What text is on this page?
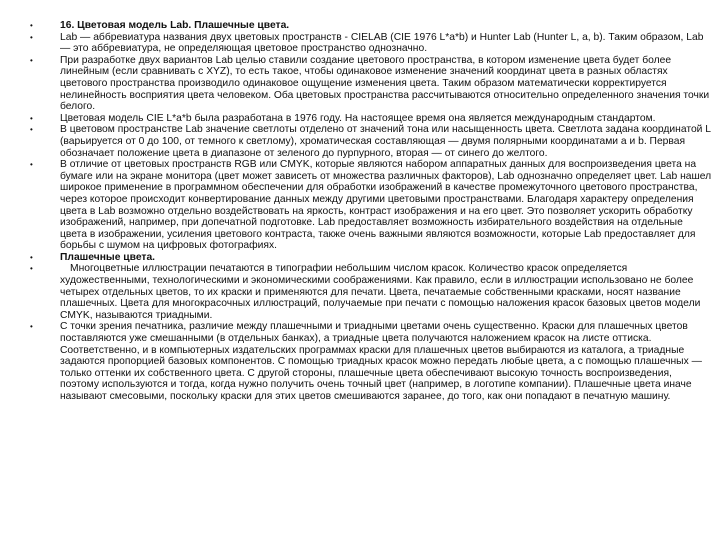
•	16. Цветовая модель Lab. Плашечные цвета.
•	Lab — аббревиатура названия двух цветовых пространств - CIELAB (CIE 1976 L*a*b) и Hunter Lab (Hunter L, a, b). Таким образом, Lab — это аббревиатура, не определяющая цветовое пространство однозначно.
•	При разработке двух вариантов Lab целью ставили создание цветового пространства, в котором изменение цвета будет более линейным (если сравнивать с XYZ), то есть такое, чтобы одинаковое изменение значений координат цвета в разных областях цветового пространства производило одинаковое ощущение изменения цвета. Таким образом математически корректируется нелинейность восприятия цвета человеком. Оба цветовых пространства рассчитываются относительно определенного значения точки белого.
•	Цветовая модель CIE L*a*b была разработана в 1976 году. На настоящее время она является международным стандартом.
•	В цветовом пространстве Lab значение светлоты отделено от значений тона или насыщенность цвета. Светлота задана координатой L (варьируется от 0 до 100, от темного к светлому), хроматическая составляющая — двумя полярными координатами a и b. Первая обозначает положение цвета в диапазоне от зеленого до пурпурного, вторая — от синего до желтого.
•	В отличие от цветовых пространств RGB или CMYK, которые являются набором аппаратных данных для воспроизведения цвета на бумаге или на экране монитора (цвет может зависеть от множества различных факторов), Lab однозначно определяет цвет. Lab нашел широкое применение в программном обеспечении для обработки изображений в качестве промежуточного цветового пространства, через которое происходит конвертирование данных между другими цветовыми пространствами. Благодаря характеру определения цвета в Lab возможно отдельно воздействовать на яркость, контраст изображения и на его цвет. Это позволяет ускорить обработку изображений, например, при допечатной подготовке. Lab предоставляет возможность избирательного воздействия на отдельные цвета в изображении, усиления цветового контраста, также очень важными являются возможности, которые Lab предоставляет для борьбы с шумом на цифровых фотографиях.
•	Плашечные цвета.
•	Многоцветные иллюстрации печатаются в типографии небольшим числом красок. Количество красок определяется художественными, технологическими и экономическими соображениями. Как правило, если в иллюстрации использовано не более четырех отдельных цветов, то их краски и применяются для печати. Цвета, печатаемые собственными красками, носят название плашечных. Цвета для многокрасочных иллюстраций, получаемые при печати с помощью наложения красок базовых цветов модели CMYK, называются триадными.
•	С точки зрения печатника, различие между плашечными и триадными цветами очень существенно. Краски для плашечных цветов поставляются уже смешанными (в отдельных банках), а триадные цвета получаются наложением красок на листе оттиска. Соответственно, и в компьютерных издательских программах краски для плашечных цветов выбираются из каталога, а триадные задаются пропорцией базовых компонентов. С помощью триадных красок можно передать любые цвета, а с помощью плашечных — только оттенки их собственного цвета. С другой стороны, плашечные цвета обеспечивают высокую точность воспроизведения, поэтому используются и тогда, когда нужно получить очень точный цвет (например, в логотипе компании). Плашечные цвета иначе называют смесовыми, поскольку краски для этих цветов смешиваются заранее, до того, как они попадают в печатную машину.
